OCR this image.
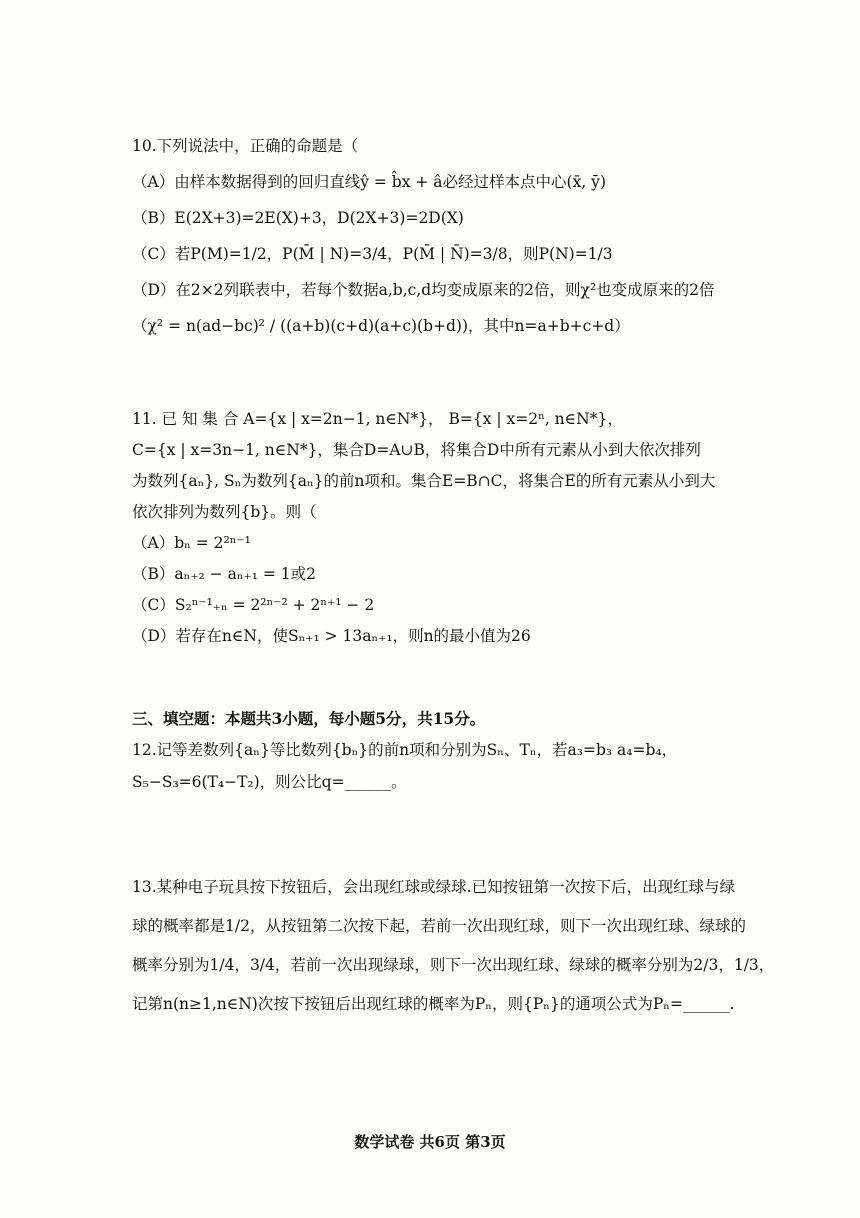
10.下列说法中，正确的命题是（

（A）由样本数据得到的回归直线ŷ = b̂x + â必经过样本点中心(x̄, ȳ)

（B）E(2X+3)=2E(X)+3，D(2X+3)=2D(X)

（C）若P(M)=1/2，P(M̄ | N)=3/4，P(M̄ | N̄)=3/8，则P(N)=1/3

（D）在2×2列联表中，若每个数据a,b,c,d均变成原来的2倍，则χ²也变成原来的2倍

（χ² = n(ad−bc)² / ((a+b)(c+d)(a+c)(b+d))，其中n=a+b+c+d）

11. 已 知 集 合 A={x | x=2n−1, n∈N*}， B={x | x=2ⁿ, n∈N*}，

C={x | x=3n−1, n∈N*}，集合D=A∪B，将集合D中所有元素从小到大依次排列

为数列{aₙ}, Sₙ为数列{aₙ}的前n项和。集合E=B∩C，将集合E的所有元素从小到大

依次排列为数列{b}。则（

（A）bₙ = 2²ⁿ⁻¹

（B）aₙ₊₂ − aₙ₊₁ = 1或2

（C）S₂ⁿ⁻¹₊ₙ = 2²ⁿ⁻² + 2ⁿ⁺¹ − 2

（D）若存在n∈N，使Sₙ₊₁ > 13aₙ₊₁，则n的最小值为26

三、填空题：本题共3小题，每小题5分，共15分。

12.记等差数列{aₙ}等比数列{bₙ}的前n项和分别为Sₙ、Tₙ，若a₃=b₃ a₄=b₄，

S₅−S₃=6(T₄−T₂)，则公比q=______。

13.某种电子玩具按下按钮后，会出现红球或绿球.已知按钮第一次按下后，出现红球与绿

球的概率都是1/2，从按钮第二次按下起，若前一次出现红球，则下一次出现红球、绿球的

概率分别为1/4，3/4，若前一次出现绿球，则下一次出现红球、绿球的概率分别为2/3，1/3，

记第n(n≥1,n∈N)次按下按钮后出现红球的概率为Pₙ，则{Pₙ}的通项公式为Pₙ=______.

数学试卷 共6页 第3页
